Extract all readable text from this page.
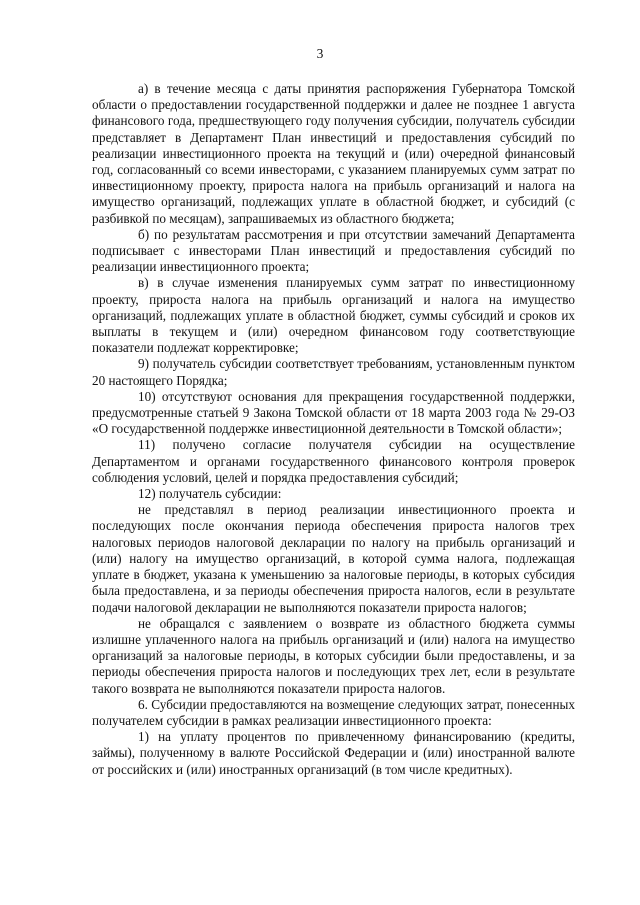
3

а) в течение месяца с даты принятия распоряжения Губернатора Томской области о предоставлении государственной поддержки и далее не позднее 1 августа финансового года, предшествующего году получения субсидии, получатель субсидии представляет в Департамент План инвестиций и предоставления субсидий по реализации инвестиционного проекта на текущий и (или) очередной финансовый год, согласованный со всеми инвесторами, с указанием планируемых сумм затрат по инвестиционному проекту, прироста налога на прибыль организаций и налога на имущество организаций, подлежащих уплате в областной бюджет, и субсидий (с разбивкой по месяцам), запрашиваемых из областного бюджета;

б) по результатам рассмотрения и при отсутствии замечаний Департамента подписывает с инвесторами План инвестиций и предоставления субсидий по реализации инвестиционного проекта;

в) в случае изменения планируемых сумм затрат по инвестиционному проекту, прироста налога на прибыль организаций и налога на имущество организаций, подлежащих уплате в областной бюджет, суммы субсидий и сроков их выплаты в текущем и (или) очередном финансовом году соответствующие показатели подлежат корректировке;

9) получатель субсидии соответствует требованиям, установленным пунктом 20 настоящего Порядка;

10) отсутствуют основания для прекращения государственной поддержки, предусмотренные статьей 9 Закона Томской области от 18 марта 2003 года № 29-ОЗ «О государственной поддержке инвестиционной деятельности в Томской области»;

11) получено согласие получателя субсидии на осуществление Департаментом и органами государственного финансового контроля проверок соблюдения условий, целей и порядка предоставления субсидий;

12) получатель субсидии:

не представлял в период реализации инвестиционного проекта и последующих после окончания периода обеспечения прироста налогов трех налоговых периодов налоговой декларации по налогу на прибыль организаций и (или) налогу на имущество организаций, в которой сумма налога, подлежащая уплате в бюджет, указана к уменьшению за налоговые периоды, в которых субсидия была предоставлена, и за периоды обеспечения прироста налогов, если в результате подачи налоговой декларации не выполняются показатели прироста налогов;

не обращался с заявлением о возврате из областного бюджета суммы излишне уплаченного налога на прибыль организаций и (или) налога на имущество организаций за налоговые периоды, в которых субсидии были предоставлены, и за периоды обеспечения прироста налогов и последующих трех лет, если в результате такого возврата не выполняются показатели прироста налогов.

6. Субсидии предоставляются на возмещение следующих затрат, понесенных получателем субсидии в рамках реализации инвестиционного проекта:

1) на уплату процентов по привлеченному финансированию (кредиты, займы), полученному в валюте Российской Федерации и (или) иностранной валюте от российских и (или) иностранных организаций (в том числе кредитных).
